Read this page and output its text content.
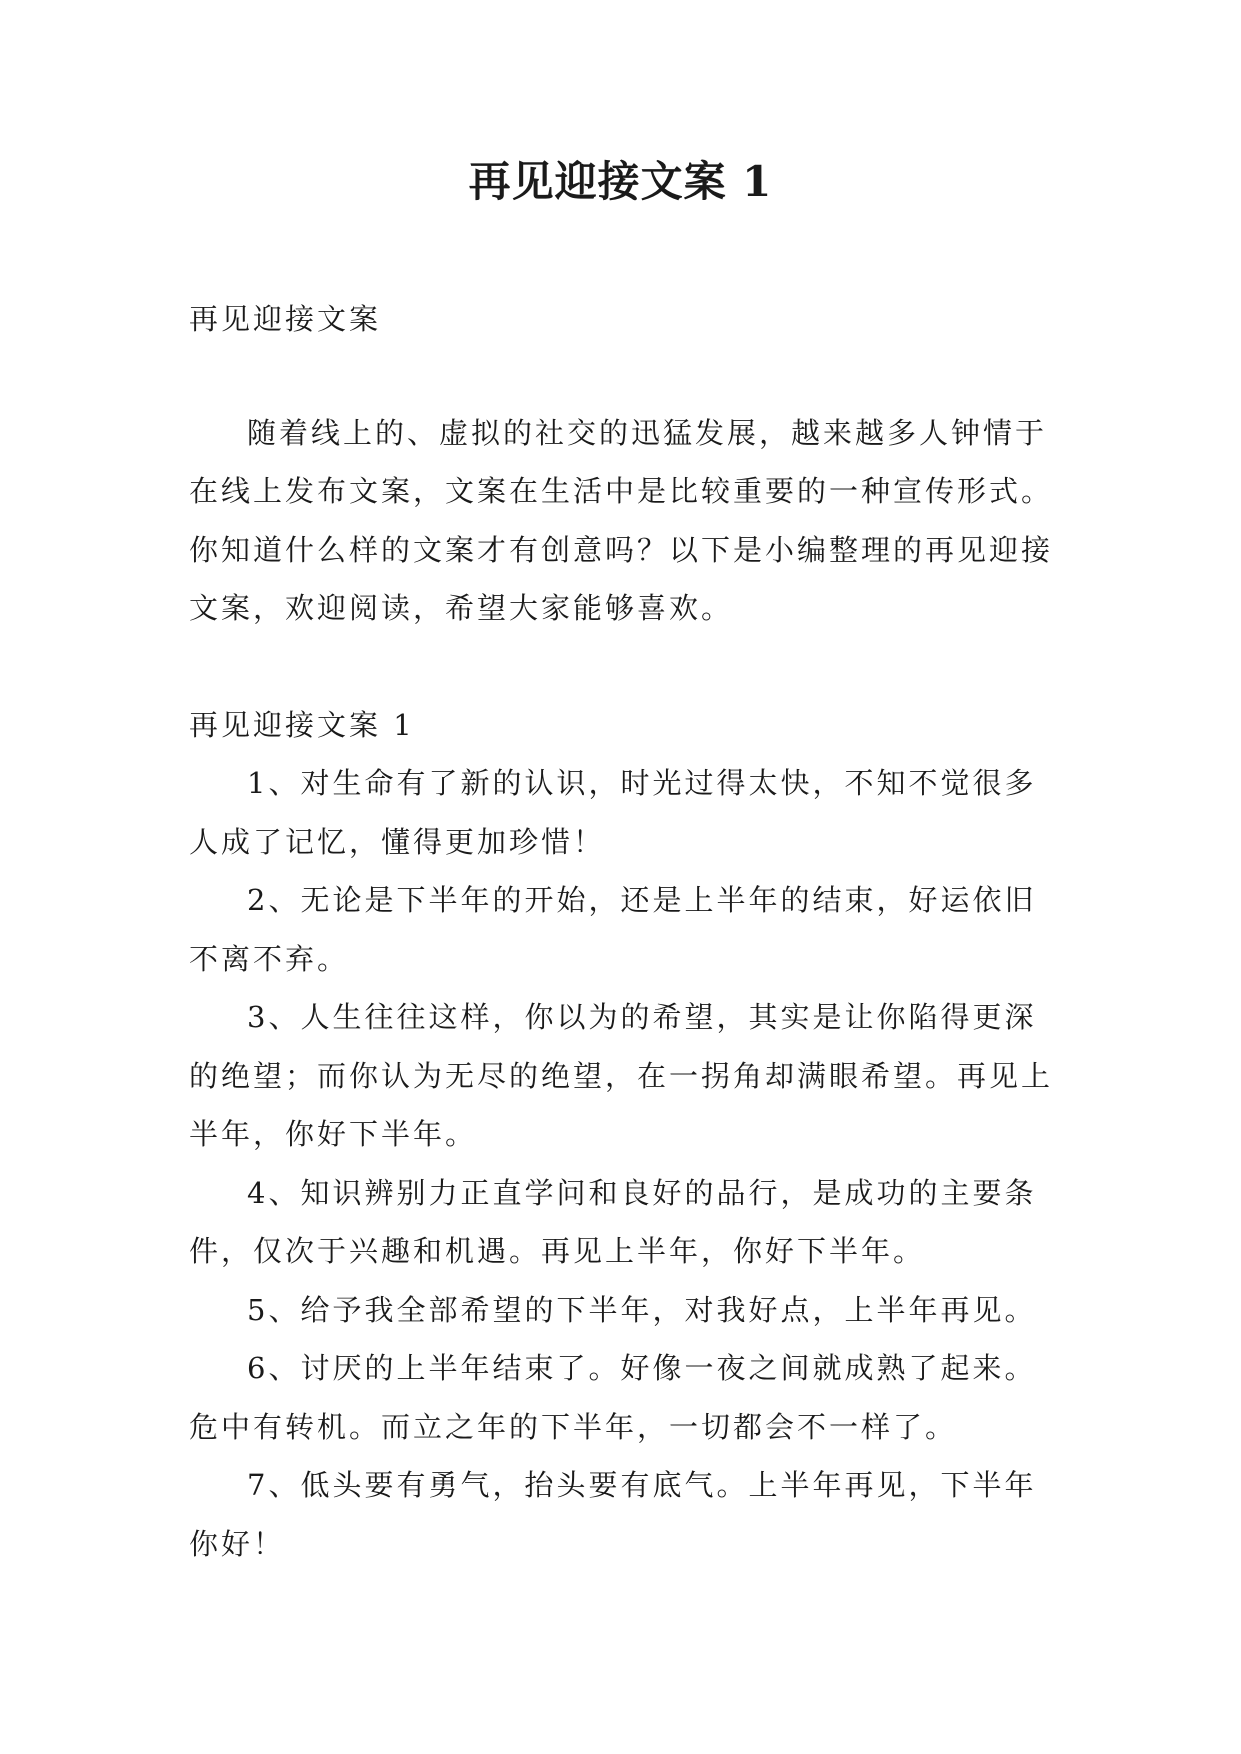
再见迎接文案 1

再见迎接文案

随着线上的、虚拟的社交的迅猛发展，越来越多人钟情于在线上发布文案，文案在生活中是比较重要的一种宣传形式。你知道什么样的文案才有创意吗？以下是小编整理的再见迎接文案，欢迎阅读，希望大家能够喜欢。

再见迎接文案 1

1、对生命有了新的认识，时光过得太快，不知不觉很多人成了记忆，懂得更加珍惜！

2、无论是下半年的开始，还是上半年的结束，好运依旧不离不弃。

3、人生往往这样，你以为的希望，其实是让你陷得更深的绝望；而你认为无尽的绝望，在一拐角却满眼希望。再见上半年，你好下半年。

4、知识辨别力正直学问和良好的品行，是成功的主要条件，仅次于兴趣和机遇。再见上半年，你好下半年。

5、给予我全部希望的下半年，对我好点，上半年再见。

6、讨厌的上半年结束了。好像一夜之间就成熟了起来。危中有转机。而立之年的下半年，一切都会不一样了。

7、低头要有勇气，抬头要有底气。上半年再见，下半年你好！
